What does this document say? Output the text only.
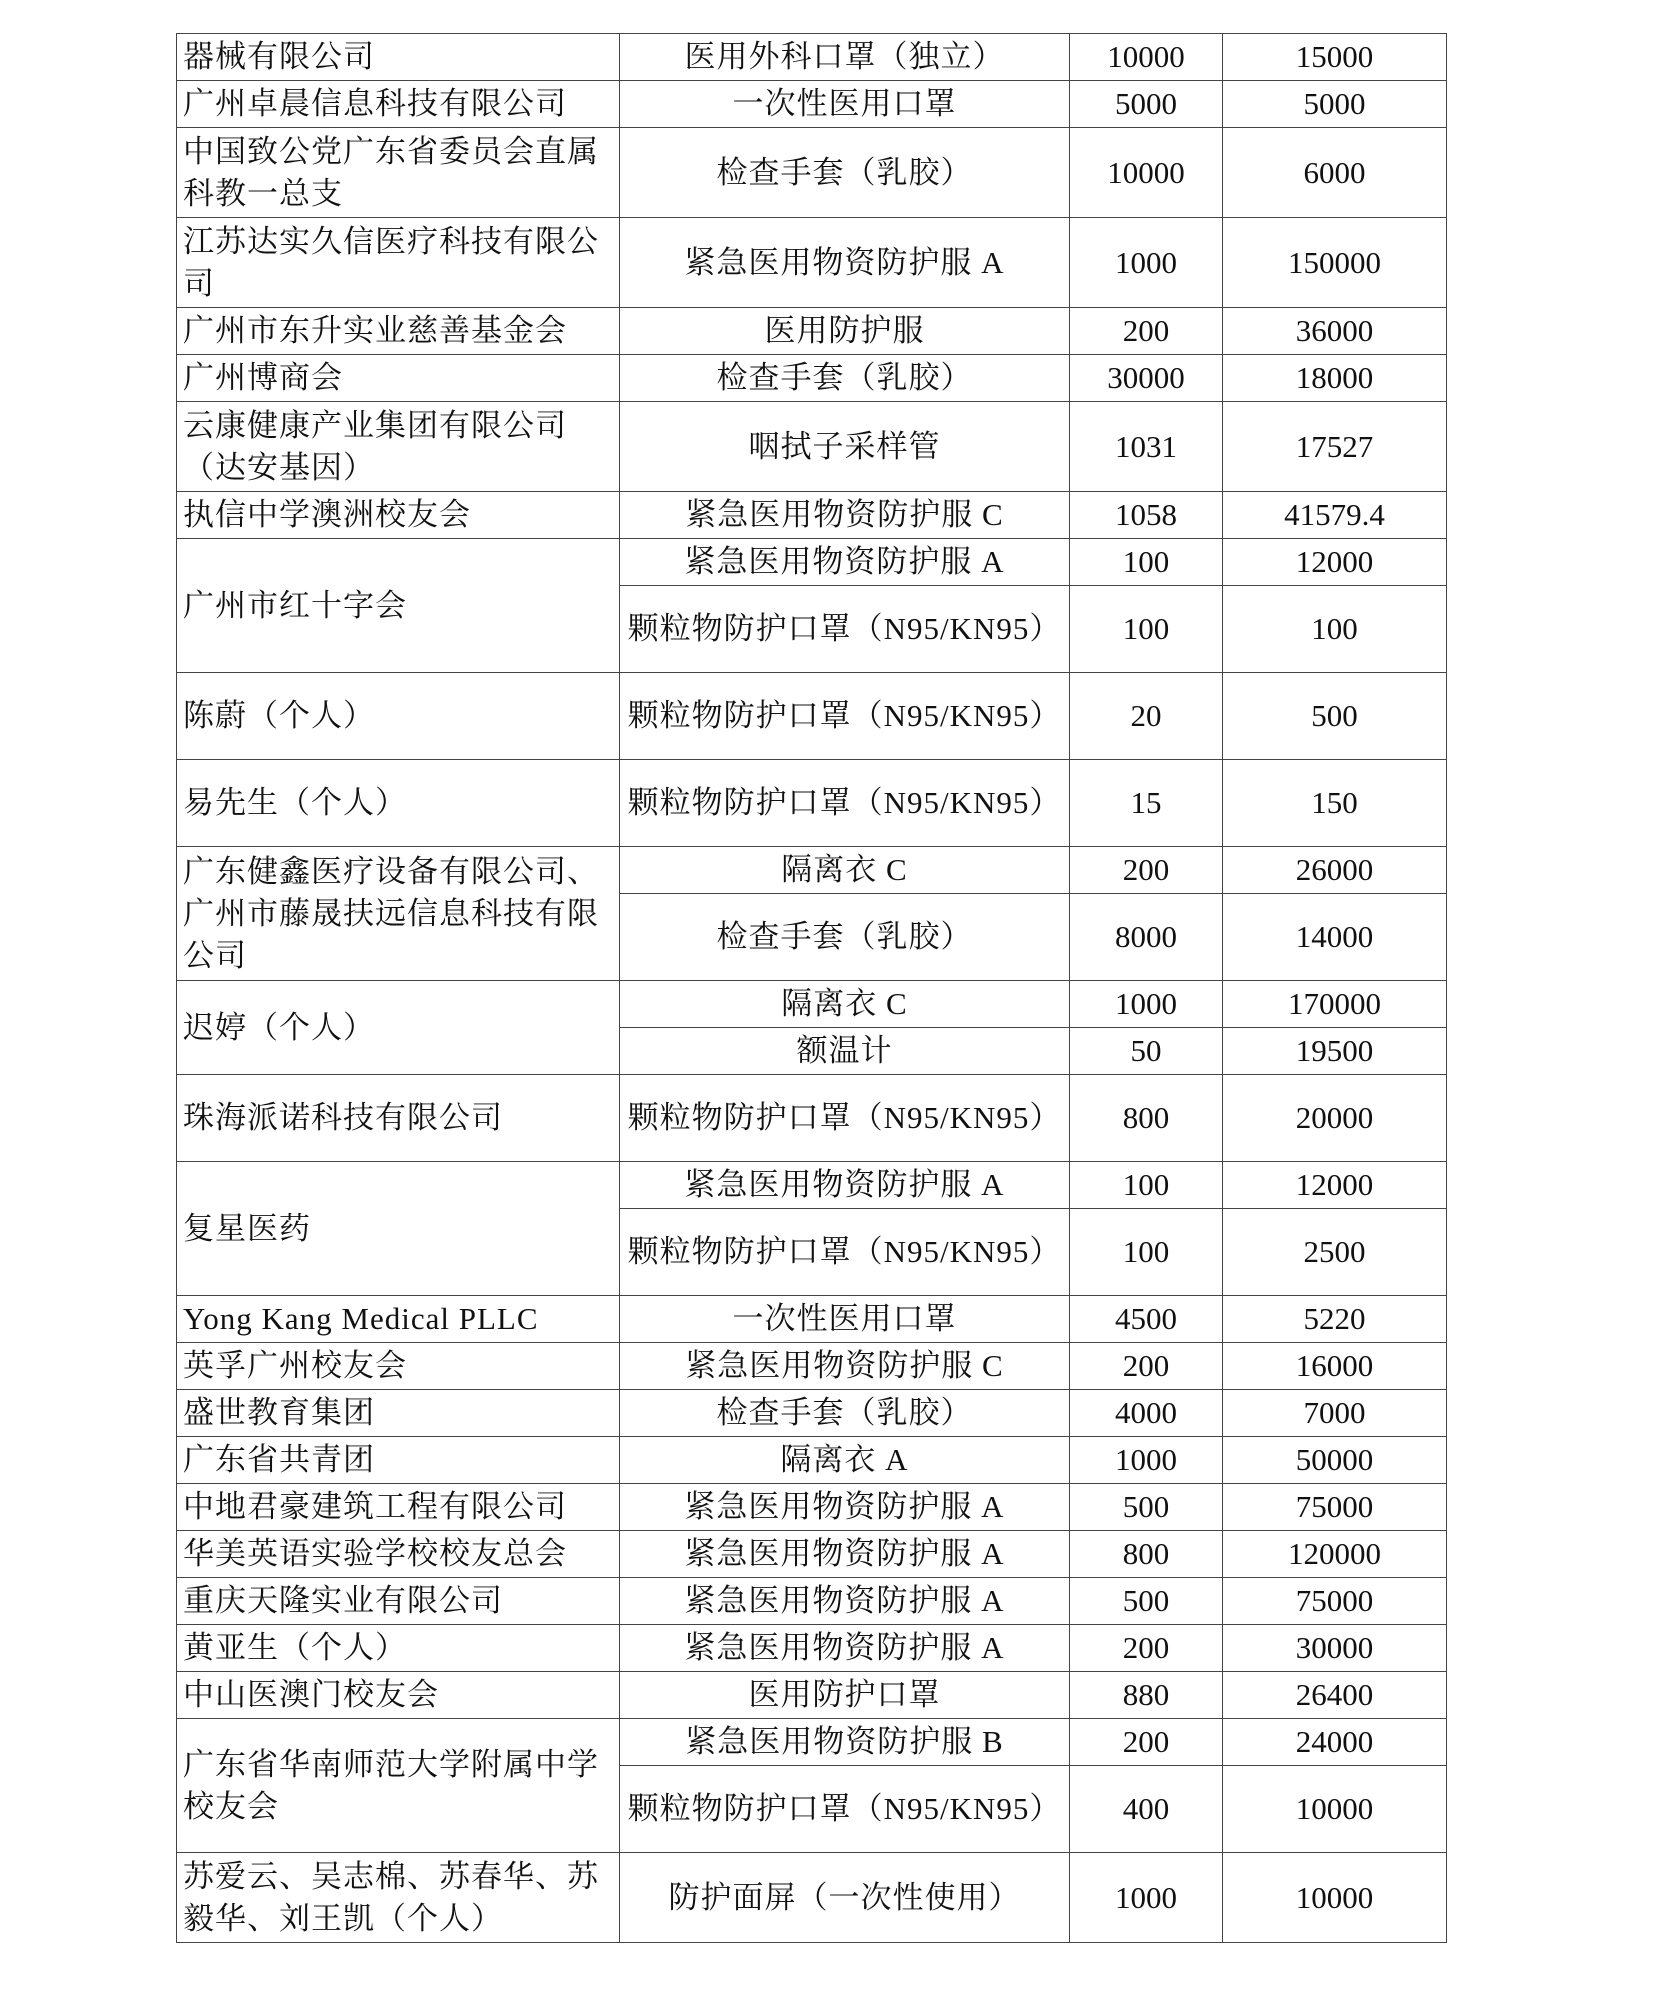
器械有限公司	医用外科口罩（独立）	10000	15000
广州卓晨信息科技有限公司	一次性医用口罩	5000	5000
中国致公党广东省委员会直属科教一总支	检查手套（乳胶）	10000	6000
江苏达实久信医疗科技有限公司	紧急医用物资防护服 A	1000	150000
广州市东升实业慈善基金会	医用防护服	200	36000
广州博商会	检查手套（乳胶）	30000	18000
云康健康产业集团有限公司（达安基因）	咽拭子采样管	1031	17527
执信中学澳洲校友会	紧急医用物资防护服 C	1058	41579.4
广州市红十字会	紧急医用物资防护服 A	100	12000
	颗粒物防护口罩（N95/KN95）	100	100
陈蔚（个人）	颗粒物防护口罩（N95/KN95）	20	500
易先生（个人）	颗粒物防护口罩（N95/KN95）	15	150
广东健鑫医疗设备有限公司、广州市藤晟扶远信息科技有限公司	隔离衣 C	200	26000
	检查手套（乳胶）	8000	14000
迟婷（个人）	隔离衣 C	1000	170000
	额温计	50	19500
珠海派诺科技有限公司	颗粒物防护口罩（N95/KN95）	800	20000
复星医药	紧急医用物资防护服 A	100	12000
	颗粒物防护口罩（N95/KN95）	100	2500
Yong Kang Medical PLLC	一次性医用口罩	4500	5220
英孚广州校友会	紧急医用物资防护服 C	200	16000
盛世教育集团	检查手套（乳胶）	4000	7000
广东省共青团	隔离衣 A	1000	50000
中地君豪建筑工程有限公司	紧急医用物资防护服 A	500	75000
华美英语实验学校校友总会	紧急医用物资防护服 A	800	120000
重庆天隆实业有限公司	紧急医用物资防护服 A	500	75000
黄亚生（个人）	紧急医用物资防护服 A	200	30000
中山医澳门校友会	医用防护口罩	880	26400
广东省华南师范大学附属中学校友会	紧急医用物资防护服 B	200	24000
	颗粒物防护口罩（N95/KN95）	400	10000
苏爱云、吴志棉、苏春华、苏毅华、刘王凯（个人）	防护面屏（一次性使用）	1000	10000
